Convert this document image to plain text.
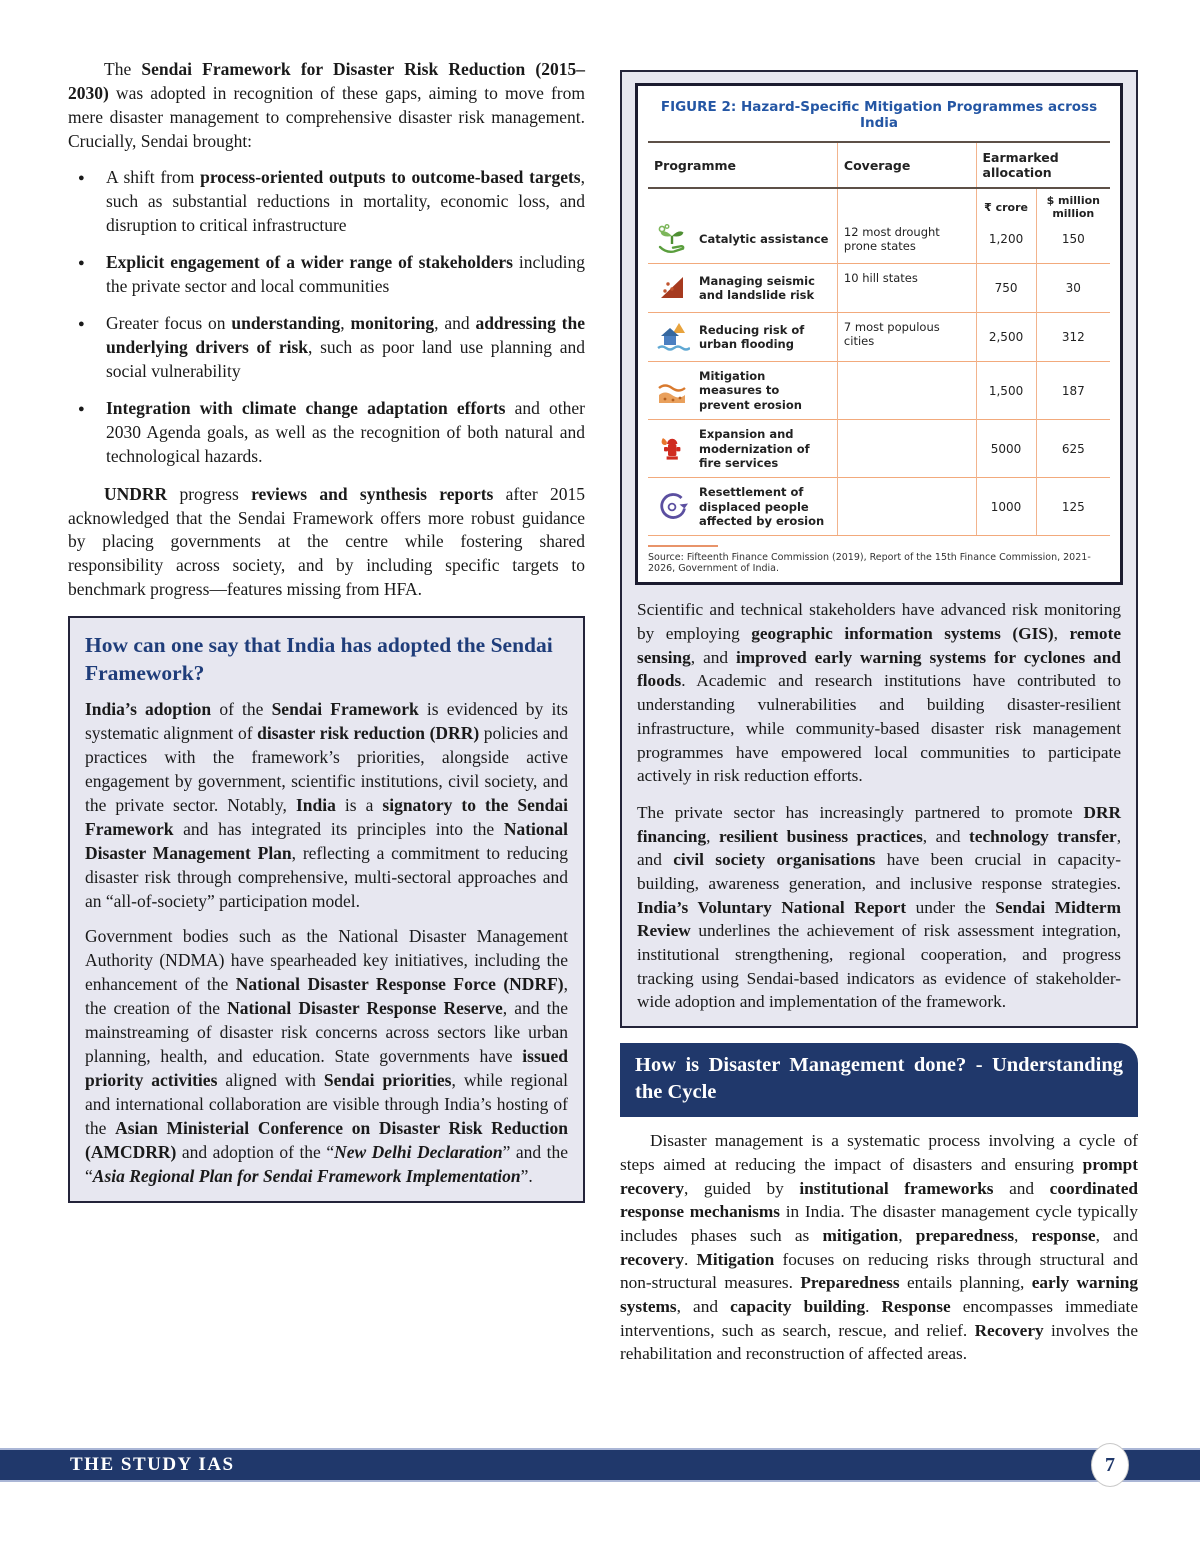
The Sendai Framework for Disaster Risk Reduction (2015–2030) was adopted in recognition of these gaps, aiming to move from mere disaster management to comprehensive disaster risk management. Crucially, Sendai brought:

●	A shift from process-oriented outputs to outcome-based targets, such as substantial reductions in mortality, economic loss, and disruption to critical infrastructure
●	Explicit engagement of a wider range of stakeholders including the private sector and local communities
●	Greater focus on understanding, monitoring, and addressing the underlying drivers of risk, such as poor land use planning and social vulnerability
●	Integration with climate change adaptation efforts and other 2030 Agenda goals, as well as the recognition of both natural and technological hazards.

UNDRR progress reviews and synthesis reports after 2015 acknowledged that the Sendai Framework offers more robust guidance by placing governments at the centre while fostering shared responsibility across society, and by including specific targets to benchmark progress—features missing from HFA.

How can one say that India has adopted the Sendai Framework?

India’s adoption of the Sendai Framework is evidenced by its systematic alignment of disaster risk reduction (DRR) policies and practices with the framework’s priorities, alongside active engagement by government, scientific institutions, civil society, and the private sector. Notably, India is a signatory to the Sendai Framework and has integrated its principles into the National Disaster Management Plan, reflecting a commitment to reducing disaster risk through comprehensive, multi-sectoral approaches and an “all-of-society” participation model.

Government bodies such as the National Disaster Management Authority (NDMA) have spearheaded key initiatives, including the enhancement of the National Disaster Response Force (NDRF), the creation of the National Disaster Response Reserve, and the mainstreaming of disaster risk concerns across sectors like urban planning, health, and education. State governments have issued priority activities aligned with Sendai priorities, while regional and international collaboration are visible through India’s hosting of the Asian Ministerial Conference on Disaster Risk Reduction (AMCDRR) and adoption of the “New Delhi Declaration” and the “Asia Regional Plan for Sendai Framework Implementation”.

FIGURE 2: Hazard-Specific Mitigation Programmes across India
Programme	Coverage	Earmarked allocation	
		₹ crore	$ million million

Catalytic assistance	12 most drought prone states	1,200	150

Managing seismic and landslide risk	10 hill states	750	30

Reducing risk of urban flooding	7 most populous cities	2,500	312

Mitigation measures to prevent erosion		1,500	187

Expansion and modernization of fire services		5000	625

Resettlement of displaced people affected by erosion		1000	125
Source: Fifteenth Finance Commission (2019), Report of the 15th Finance Commission, 2021-2026, Government of India.

Scientific and technical stakeholders have advanced risk monitoring by employing geographic information systems (GIS), remote sensing, and improved early warning systems for cyclones and floods. Academic and research institutions have contributed to understanding vulnerabilities and building disaster-resilient infrastructure, while community-based disaster risk management programmes have empowered local communities to participate actively in risk reduction efforts.

The private sector has increasingly partnered to promote DRR financing, resilient business practices, and technology transfer, and civil society organisations have been crucial in capacity-building, awareness generation, and inclusive response strategies. India’s Voluntary National Report under the Sendai Midterm Review underlines the achievement of risk assessment integration, institutional strengthening, regional cooperation, and progress tracking using Sendai-based indicators as evidence of stakeholder-wide adoption and implementation of the framework.

How is Disaster Management done? - Understanding the Cycle

Disaster management is a systematic process involving a cycle of steps aimed at reducing the impact of disasters and ensuring prompt recovery, guided by institutional frameworks and coordinated response mechanisms in India. The disaster management cycle typically includes phases such as mitigation, preparedness, response, and recovery. Mitigation focuses on reducing risks through structural and non-structural measures. Preparedness entails planning, early warning systems, and capacity building. Response encompasses immediate interventions, such as search, rescue, and relief. Recovery involves the rehabilitation and reconstruction of affected areas.

THE STUDY IAS	7
